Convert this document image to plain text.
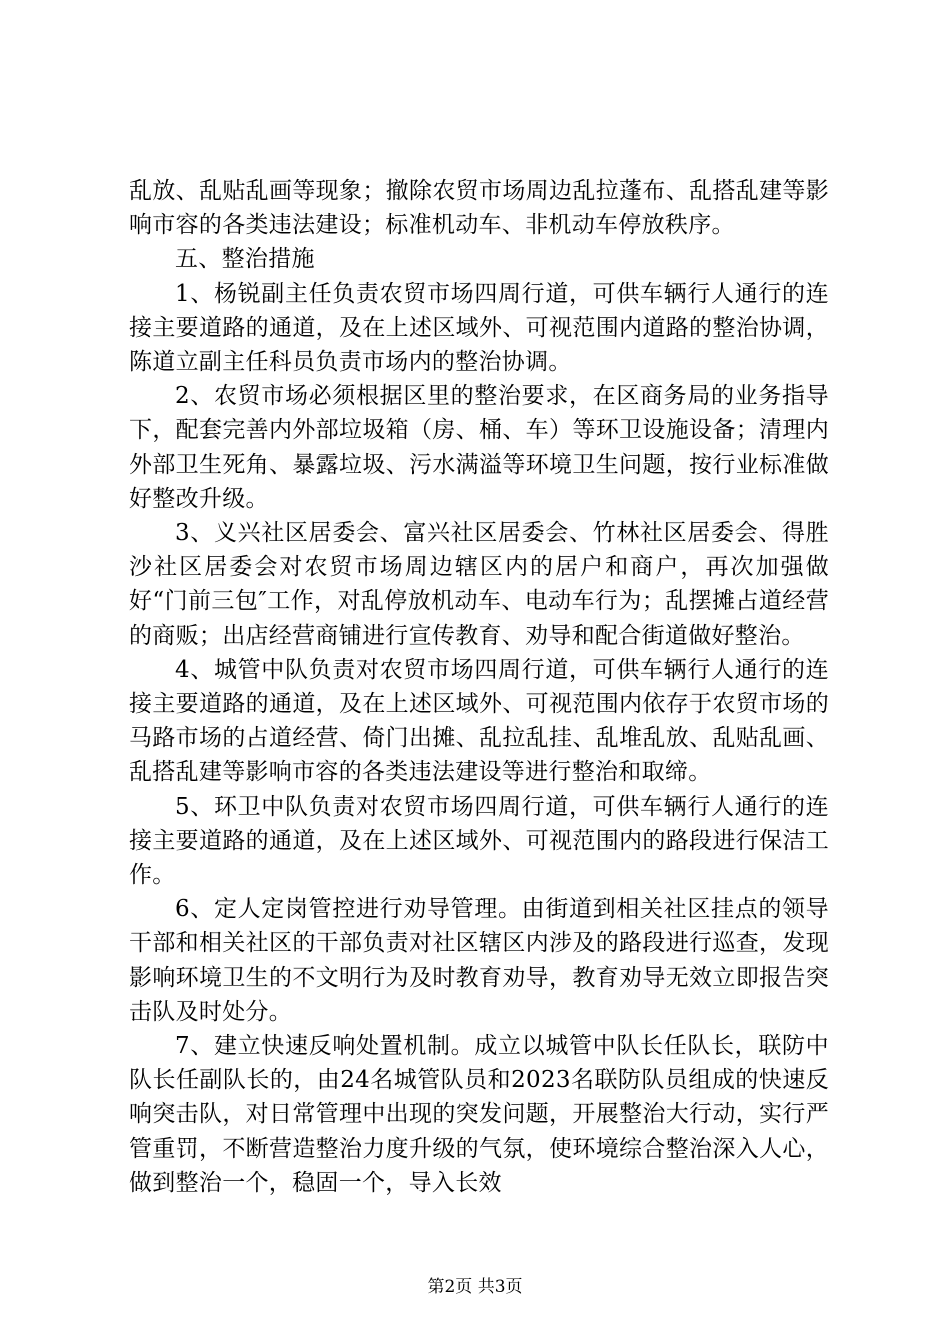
乱放、乱贴乱画等现象；撤除农贸市场周边乱拉蓬布、乱搭乱建等影响市容的各类违法建设；标准机动车、非机动车停放秩序。

五、整治措施

1、杨锐副主任负责农贸市场四周行道，可供车辆行人通行的连接主要道路的通道，及在上述区域外、可视范围内道路的整治协调，陈道立副主任科员负责市场内的整治协调。

2、农贸市场必须根据区里的整治要求，在区商务局的业务指导下，配套完善内外部垃圾箱（房、桶、车）等环卫设施设备；清理内外部卫生死角、暴露垃圾、污水满溢等环境卫生问题，按行业标准做好整改升级。

3、义兴社区居委会、富兴社区居委会、竹林社区居委会、得胜沙社区居委会对农贸市场周边辖区内的居户和商户，再次加强做好“门前三包″工作，对乱停放机动车、电动车行为；乱摆摊占道经营的商贩；出店经营商铺进行宣传教育、劝导和配合街道做好整治。

4、城管中队负责对农贸市场四周行道，可供车辆行人通行的连接主要道路的通道，及在上述区域外、可视范围内依存于农贸市场的马路市场的占道经营、倚门出摊、乱拉乱挂、乱堆乱放、乱贴乱画、乱搭乱建等影响市容的各类违法建设等进行整治和取缔。

5、环卫中队负责对农贸市场四周行道，可供车辆行人通行的连接主要道路的通道，及在上述区域外、可视范围内的路段进行保洁工作。

6、定人定岗管控进行劝导管理。由街道到相关社区挂点的领导干部和相关社区的干部负责对社区辖区内涉及的路段进行巡查，发现影响环境卫生的不文明行为及时教育劝导，教育劝导无效立即报告突击队及时处分。

7、建立快速反响处置机制。成立以城管中队长任队长，联防中队长任副队长的，由24名城管队员和2023名联防队员组成的快速反响突击队，对日常管理中出现的突发问题，开展整治大行动，实行严管重罚，不断营造整治力度升级的气氛，使环境综合整治深入人心，做到整治一个，稳固一个，导入长效

第2页 共3页
